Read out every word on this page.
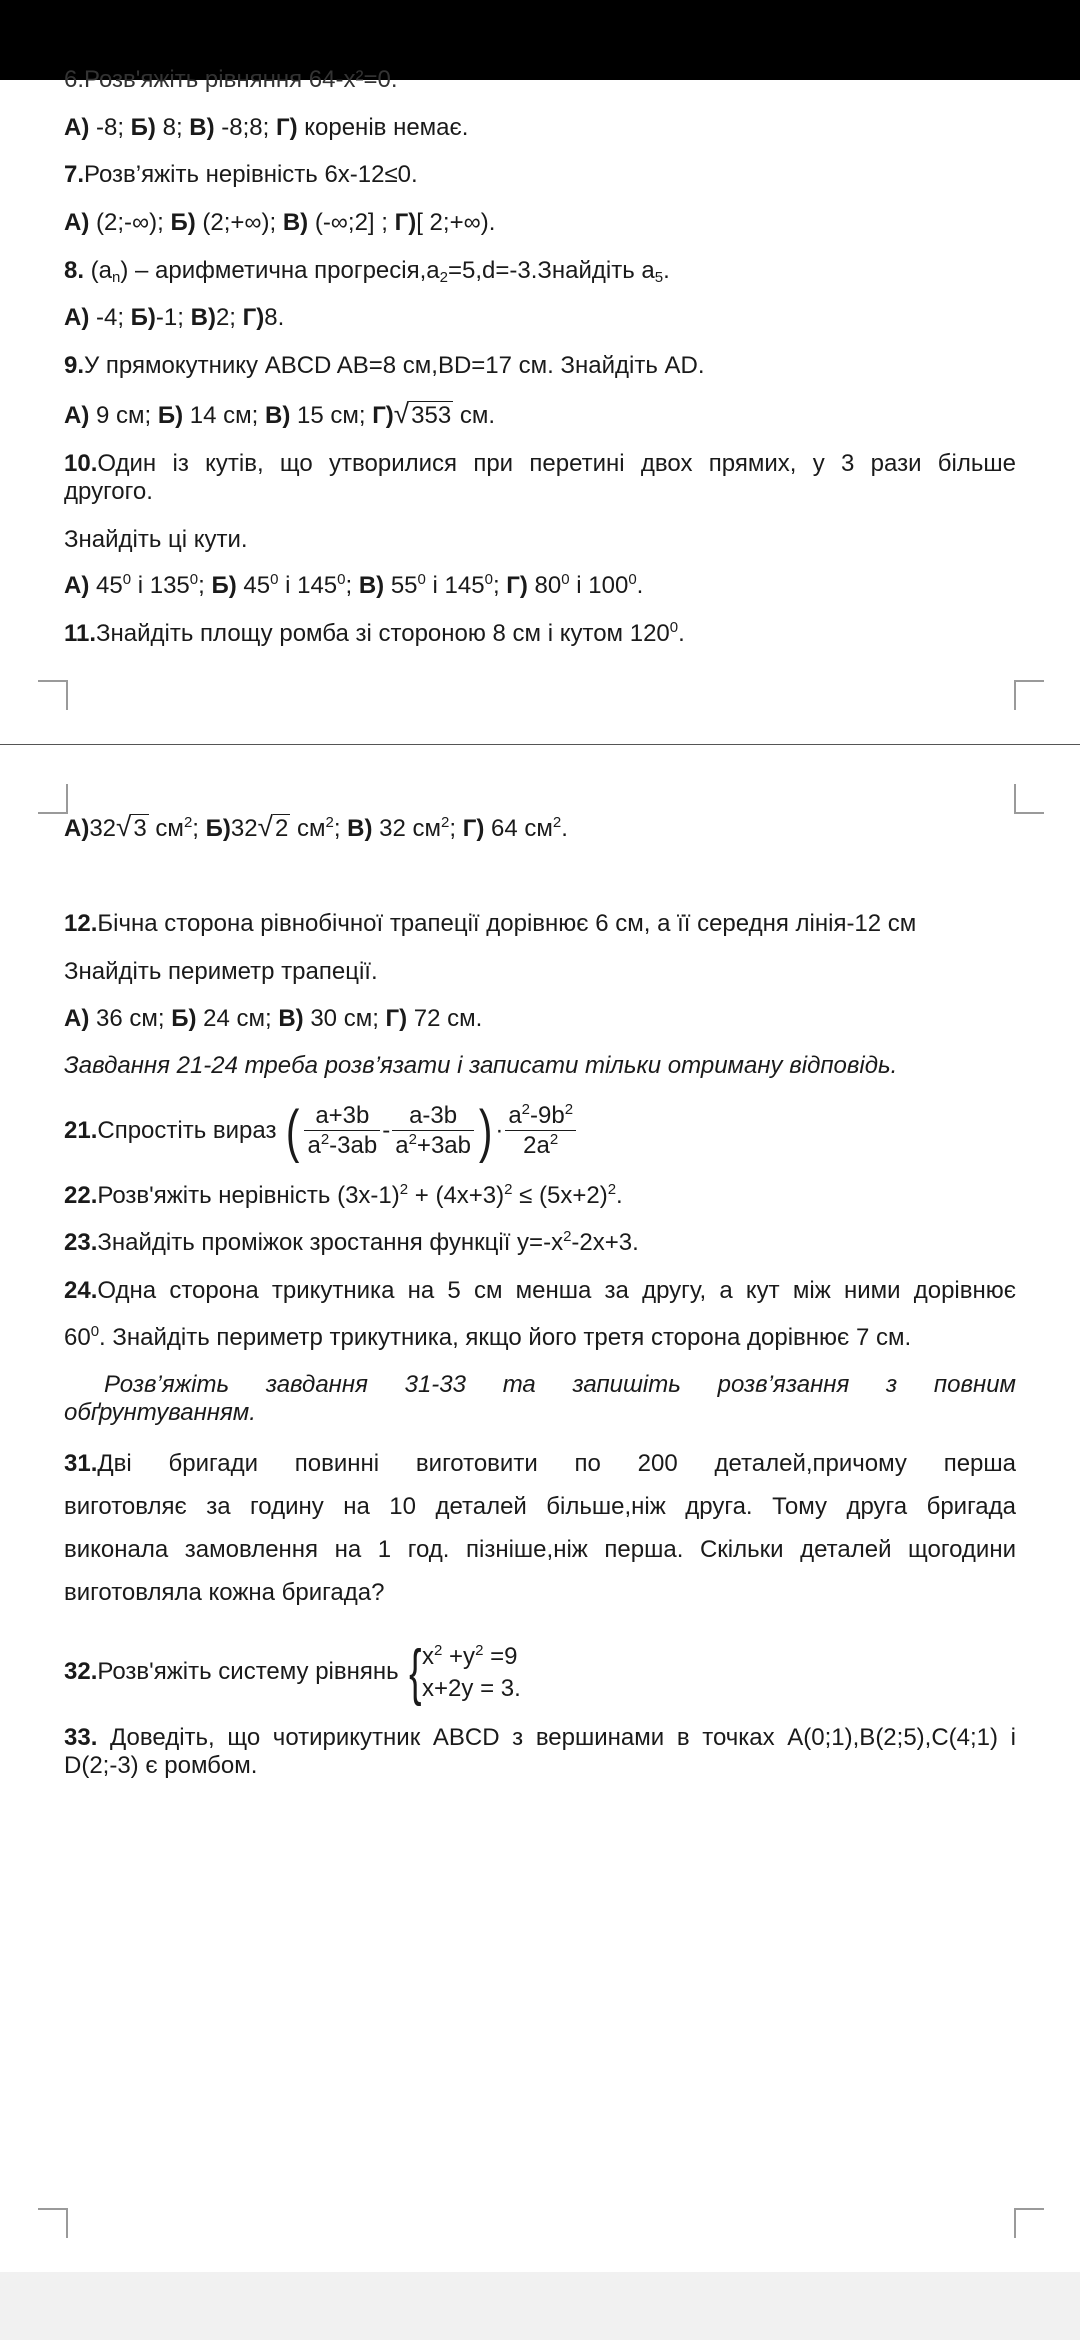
6.Розв'яжіть рівняння 64-x²=0.
А) -8; Б) 8; В) -8;8; Г) коренів немає.
7.Розв’яжіть нерівність 6х-12≤0.
А) (2;-∞); Б) (2;+∞); В) (-∞;2] ; Г)[ 2;+∞).
8. $(a_n)$ – арифметична $прогресія,a_2=5,d=-3.Знайдіть$ $a_5$.
А) -4; Б)-1; В)2; Г)8.
9.У прямокутнику ABCD AB=8 см,BD=17 см. Знайдіть AD.
А) 9 см; Б) 14 см; В) 15 см; Г)√353 см.
10.Один із кутів, що утворилися при перетині двох прямих, у 3 рази більше
другого.
Знайдіть ці кути.
А) $45^0$ і $135^0$; Б) $45^0$ і $145^0$; В) $55^0$ і $145^0$; Г) $80^0$ і $100^0$.
11.Знайдіть площу ромба зі стороною 8 см і кутом $120^0$.
А)32√3 $см^2$; Б)32√2 $см^2$; В) 32 $см^2$; Г) 64 $см^2$.
12.Бічна сторона рівнобічної трапеції дорівнює 6 см, а її середня лінія-12 см
Знайдіть периметр трапеції.
А) 36 см; Б) 24 см; В) 30 см; Г) 72 см.
Завдання 21-24 треба розв’язати і записати тільки отриману відповідь.
21.Спростіть вираз ( $\frac{a+3b}{a^2-3ab} - \frac{a-3b}{a^2+3ab}$ ) · $\frac{a^2-9b^2}{2a^2}$
22.Розв'яжіть нерівність $(3x-1)^2 + (4x+3)^2 \le (5x+2)^2$.
23.Знайдіть проміжок зростання функції $y=-x^2-2x+3$.
24.Одна сторона трикутника на 5 см менша за другу, а кут між ними дорівнює
$60^0$. Знайдіть периметр трикутника, якщо його третя сторона дорівнює 7 см.
Розв’яжіть завдання 31-33 та запишіть розв’язання з повним
обґрунтуванням.
31.Дві бригади повинні виготовити по 200 деталей,причому перша
виготовляє за годину на 10 деталей більше,ніж друга. Тому друга бригада
виконала замовлення на 1 год. пізніше,ніж перша. Скільки деталей щогодини
виготовляла кожна бригада?
32.Розв'яжіть систему рівнянь { $x^2 +y^2 =9$
x+2y = 3.
33. Доведіть, що чотирикутник ABCD з вершинами в точках A(0;1),B(2;5),C(4;1) і
D(2;-3) є ромбом.
